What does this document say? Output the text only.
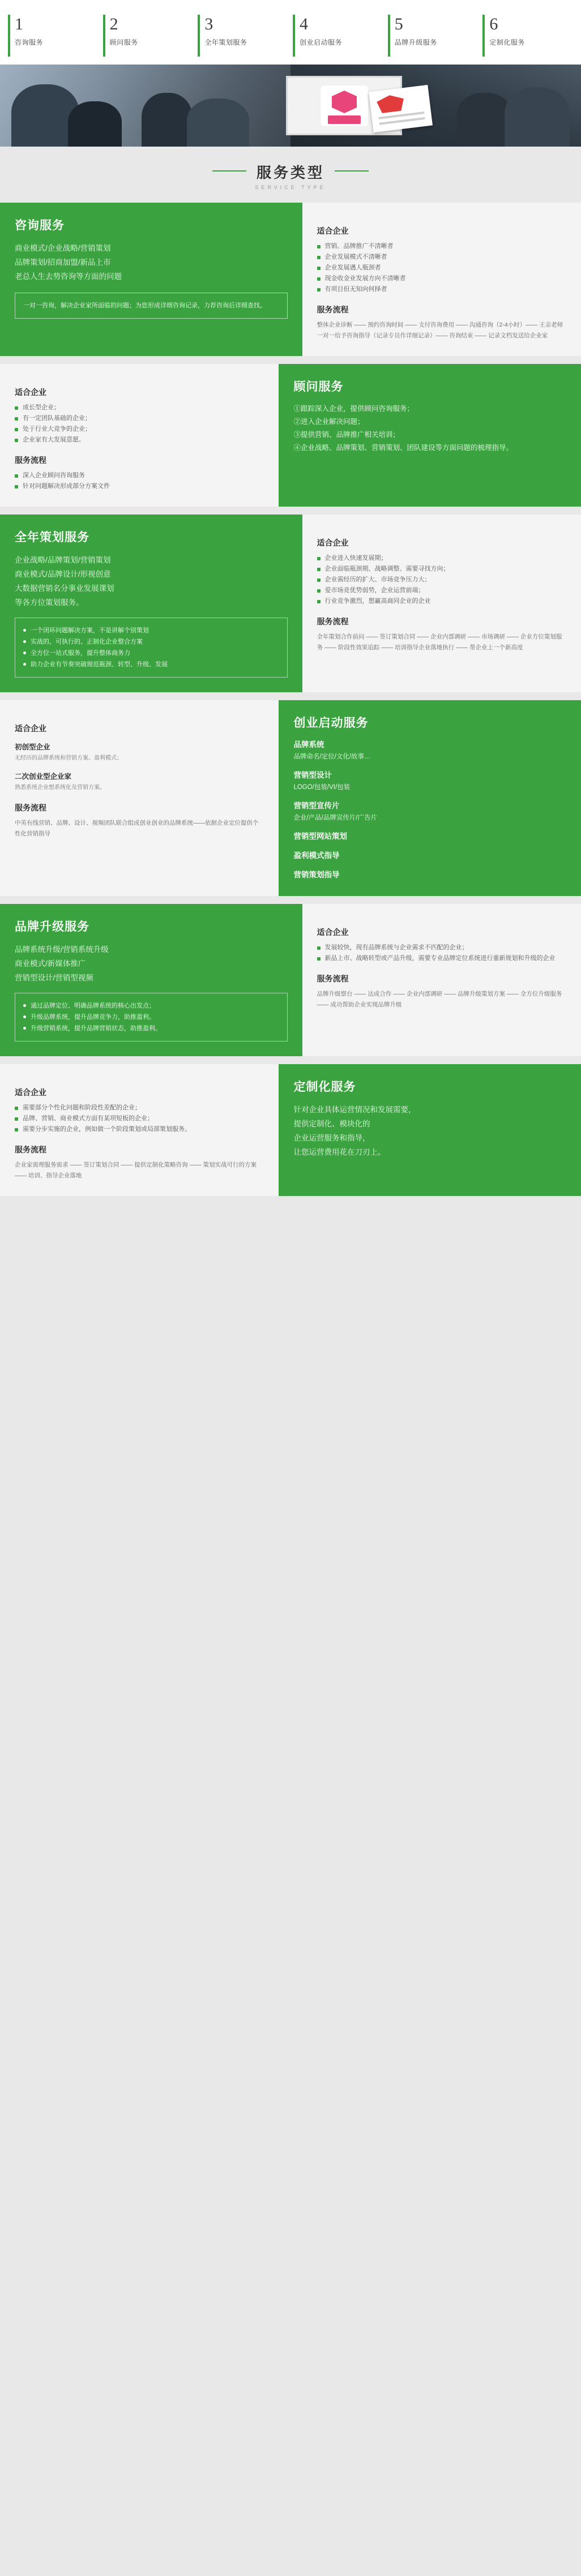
1
咨询服务
2
顾问服务
3
全年策划服务
4
创业启动服务
5
品牌升级服务
6
定制化服务
服务类型
SERVICE TYPE
咨询服务
商业模式/企业战略/营销策划
品牌策划/招商加盟/新品上市
老总人生去势咨询等方面的问题
一对一咨询，解决企业家所面临的问题；为您形成详细咨询记录，力荐咨询后详细查找。
适合企业
营销、品牌推广不清晰者
企业发展模式不清晰者
企业发展遇人瓶颈者
现金收金业发展方向不清晰者
有项目但无知向何择者
服务流程
整体企业诊断 —— 预约咨询时间 —— 支付咨询费用 —— 沟通咨询（2-4小时）—— 王亲老师一对一给予咨询指导（记录专员作详细记录）—— 咨询结束 —— 记录文档发送给企业家
适合企业
成长型企业；
有一定团队基础的企业；
处于行业大竞争的企业；
企业家有大发展意愿。
服务流程
深入企业顾问咨询服务
针对问题解决形成部分方案文件
顾问服务
①跟踪深入企业，提供顾问咨询服务；
②进入企业解决问题；
③提供营销、品牌推广相关培训；
④企业战略、品牌策划、营销策划、团队建设等方面问题的梳理指导。
全年策划服务
企业战略/品牌策划/营销策划
商业模式/品牌设计/形视创意
大数据营销名分事业发展课划
等各方位策划服务。
一个闭环问题解决方案，不是讲解个别策划
实战的、可执行的、正制化企业整合方案
全方位一站式服务，提升整体商务力
助力企业有节奏突破规范瓶颈、转型、升级、发展
适合企业
企业进入快速发展期；
企业面临瓶颈期、战略调整、需要寻找方向；
企业需经历的扩大、市场竞争压力大；
爱市场竞优势弱势，企业运营前端；
行业竞争激烈，想赢高商同企业的企业
服务流程
全年策划合作前问 —— 签订策划合同 —— 企业内部调研 —— 市场调研 —— 企业方位策划服务 —— 阶段性效果追踪 —— 培训指导企业落地执行 —— 帮企业上一个新高度
适合企业
初创型企业
无经历的品牌系统和营销方案、盈利模式；
二次创业型企业家
熟悉系统企业想系统化及营销方案。
服务流程
中英有线营销、品牌、设计、视频团队联合组成创业创业的品牌系统——依据企业定位提供个性化营销指导
创业启动服务
品牌系统
品牌命名/定位/文化/故事…
营销型设计
LOGO/包装/VI/包装
营销型宣传片
企业/产品/品牌宣传片/广告片
营销型网站策划
盈利模式指导
营销策划指导
品牌升级服务
品牌系统升级/营销系统升级
商业模式/新媒体推广
营销型设计/营销型视频
通过品牌定位、明确品牌系统的核心出发点；
升级品牌系统，提升品牌竞争力，助推盈利。
升级营销系统，提升品牌营销状态，助推盈利。
适合企业
发展较快，现有品牌系统与企业需求不匹配的企业；
新品上市、战略转型或产品升级，需要专业品牌定位系统进行重新规划和升级的企业
服务流程
品牌升级察台 —— 达成合作 —— 企业内部调研 —— 品牌升级策划方案 —— 全方位升级服务 —— 成功帮助企业实现品牌升级
适合企业
需要部分个性化问题和阶段性差配的企业；
品牌、营销、商业模式方面有某项短板的企业；
需要分步实施的企业，例如做一个阶段策划或局部策划服务。
服务流程
企业家需理服务需求 —— 签订策划合同 —— 提供定制化策略咨询 —— 策划实战可行的方案 —— 培训、指导企业落地
定制化服务
针对企业具体运营情况和发展需要，
提供定制化、模块化的
企业运营服务和指导，
让您运营费用花在刀刃上。
